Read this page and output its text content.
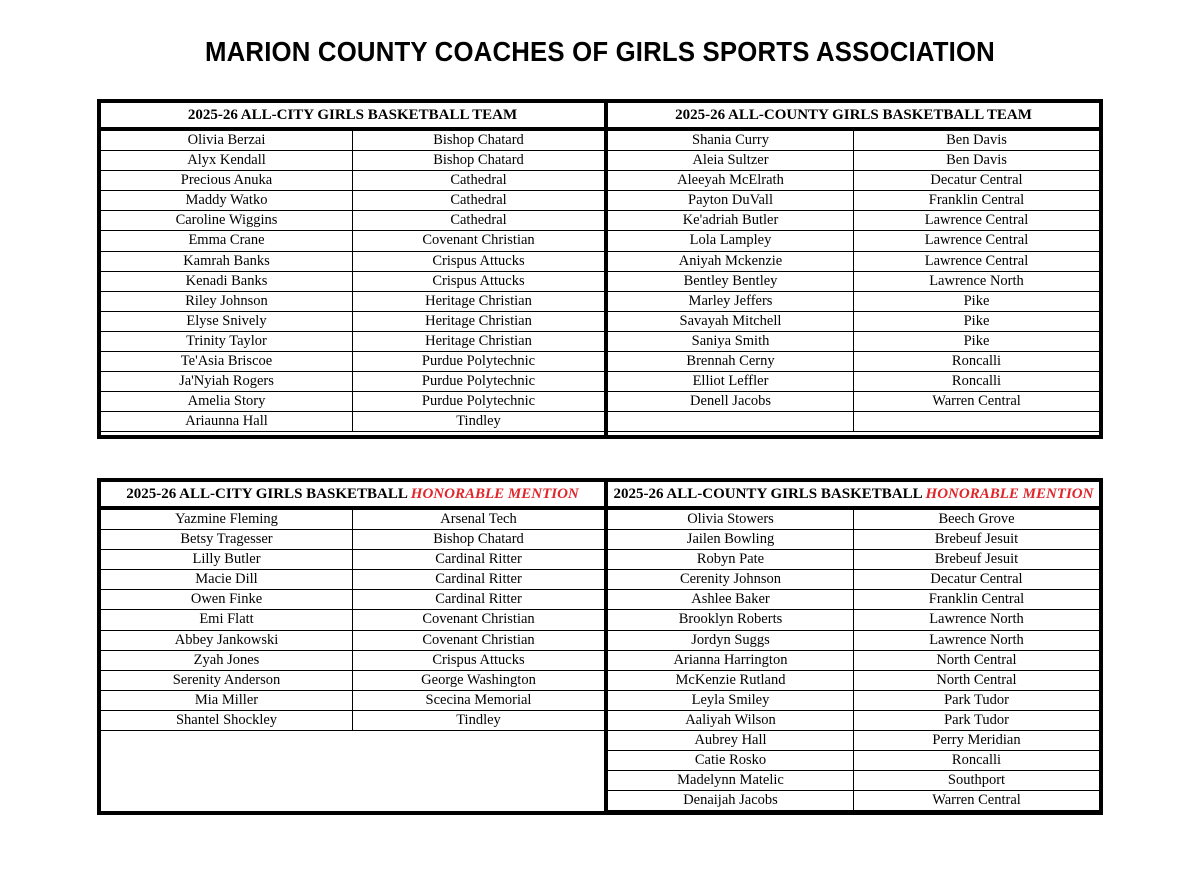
MARION COUNTY COACHES OF GIRLS SPORTS ASSOCIATION
2025-26 ALL-CITY GIRLS BASKETBALL TEAM
Olivia Berzai	Bishop Chatard
Alyx Kendall	Bishop Chatard
Precious Anuka	Cathedral
Maddy Watko	Cathedral
Caroline Wiggins	Cathedral
Emma Crane	Covenant Christian
Kamrah Banks	Crispus Attucks
Kenadi Banks	Crispus Attucks
Riley Johnson	Heritage Christian
Elyse Snively	Heritage Christian
Trinity Taylor	Heritage Christian
Te'Asia Briscoe	Purdue Polytechnic
Ja'Nyiah Rogers	Purdue Polytechnic
Amelia Story	Purdue Polytechnic
Ariaunna Hall	Tindley
2025-26 ALL-COUNTY GIRLS BASKETBALL TEAM
Shania Curry	Ben Davis
Aleia Sultzer	Ben Davis
Aleeyah McElrath	Decatur Central
Payton DuVall	Franklin Central
Ke'adriah Butler	Lawrence Central
Lola Lampley	Lawrence Central
Aniyah Mckenzie	Lawrence Central
Bentley Bentley	Lawrence North
Marley Jeffers	Pike
Savayah Mitchell	Pike
Saniya Smith	Pike
Brennah Cerny	Roncalli
Elliot Leffler	Roncalli
Denell Jacobs	Warren Central
2025-26 ALL-CITY GIRLS BASKETBALL HONORABLE MENTION
Yazmine Fleming	Arsenal Tech
Betsy Tragesser	Bishop Chatard
Lilly Butler	Cardinal Ritter
Macie Dill	Cardinal Ritter
Owen Finke	Cardinal Ritter
Emi Flatt	Covenant Christian
Abbey Jankowski	Covenant Christian
Zyah Jones	Crispus Attucks
Serenity Anderson	George Washington
Mia Miller	Scecina Memorial
Shantel Shockley	Tindley
2025-26 ALL-COUNTY GIRLS BASKETBALL HONORABLE MENTION
Olivia Stowers	Beech Grove
Jailen Bowling	Brebeuf Jesuit
Robyn Pate	Brebeuf Jesuit
Cerenity Johnson	Decatur Central
Ashlee Baker	Franklin Central
Brooklyn Roberts	Lawrence North
Jordyn Suggs	Lawrence North
Arianna Harrington	North Central
McKenzie Rutland	North Central
Leyla Smiley	Park Tudor
Aaliyah Wilson	Park Tudor
Aubrey Hall	Perry Meridian
Catie Rosko	Roncalli
Madelynn Matelic	Southport
Denaijah Jacobs	Warren Central
